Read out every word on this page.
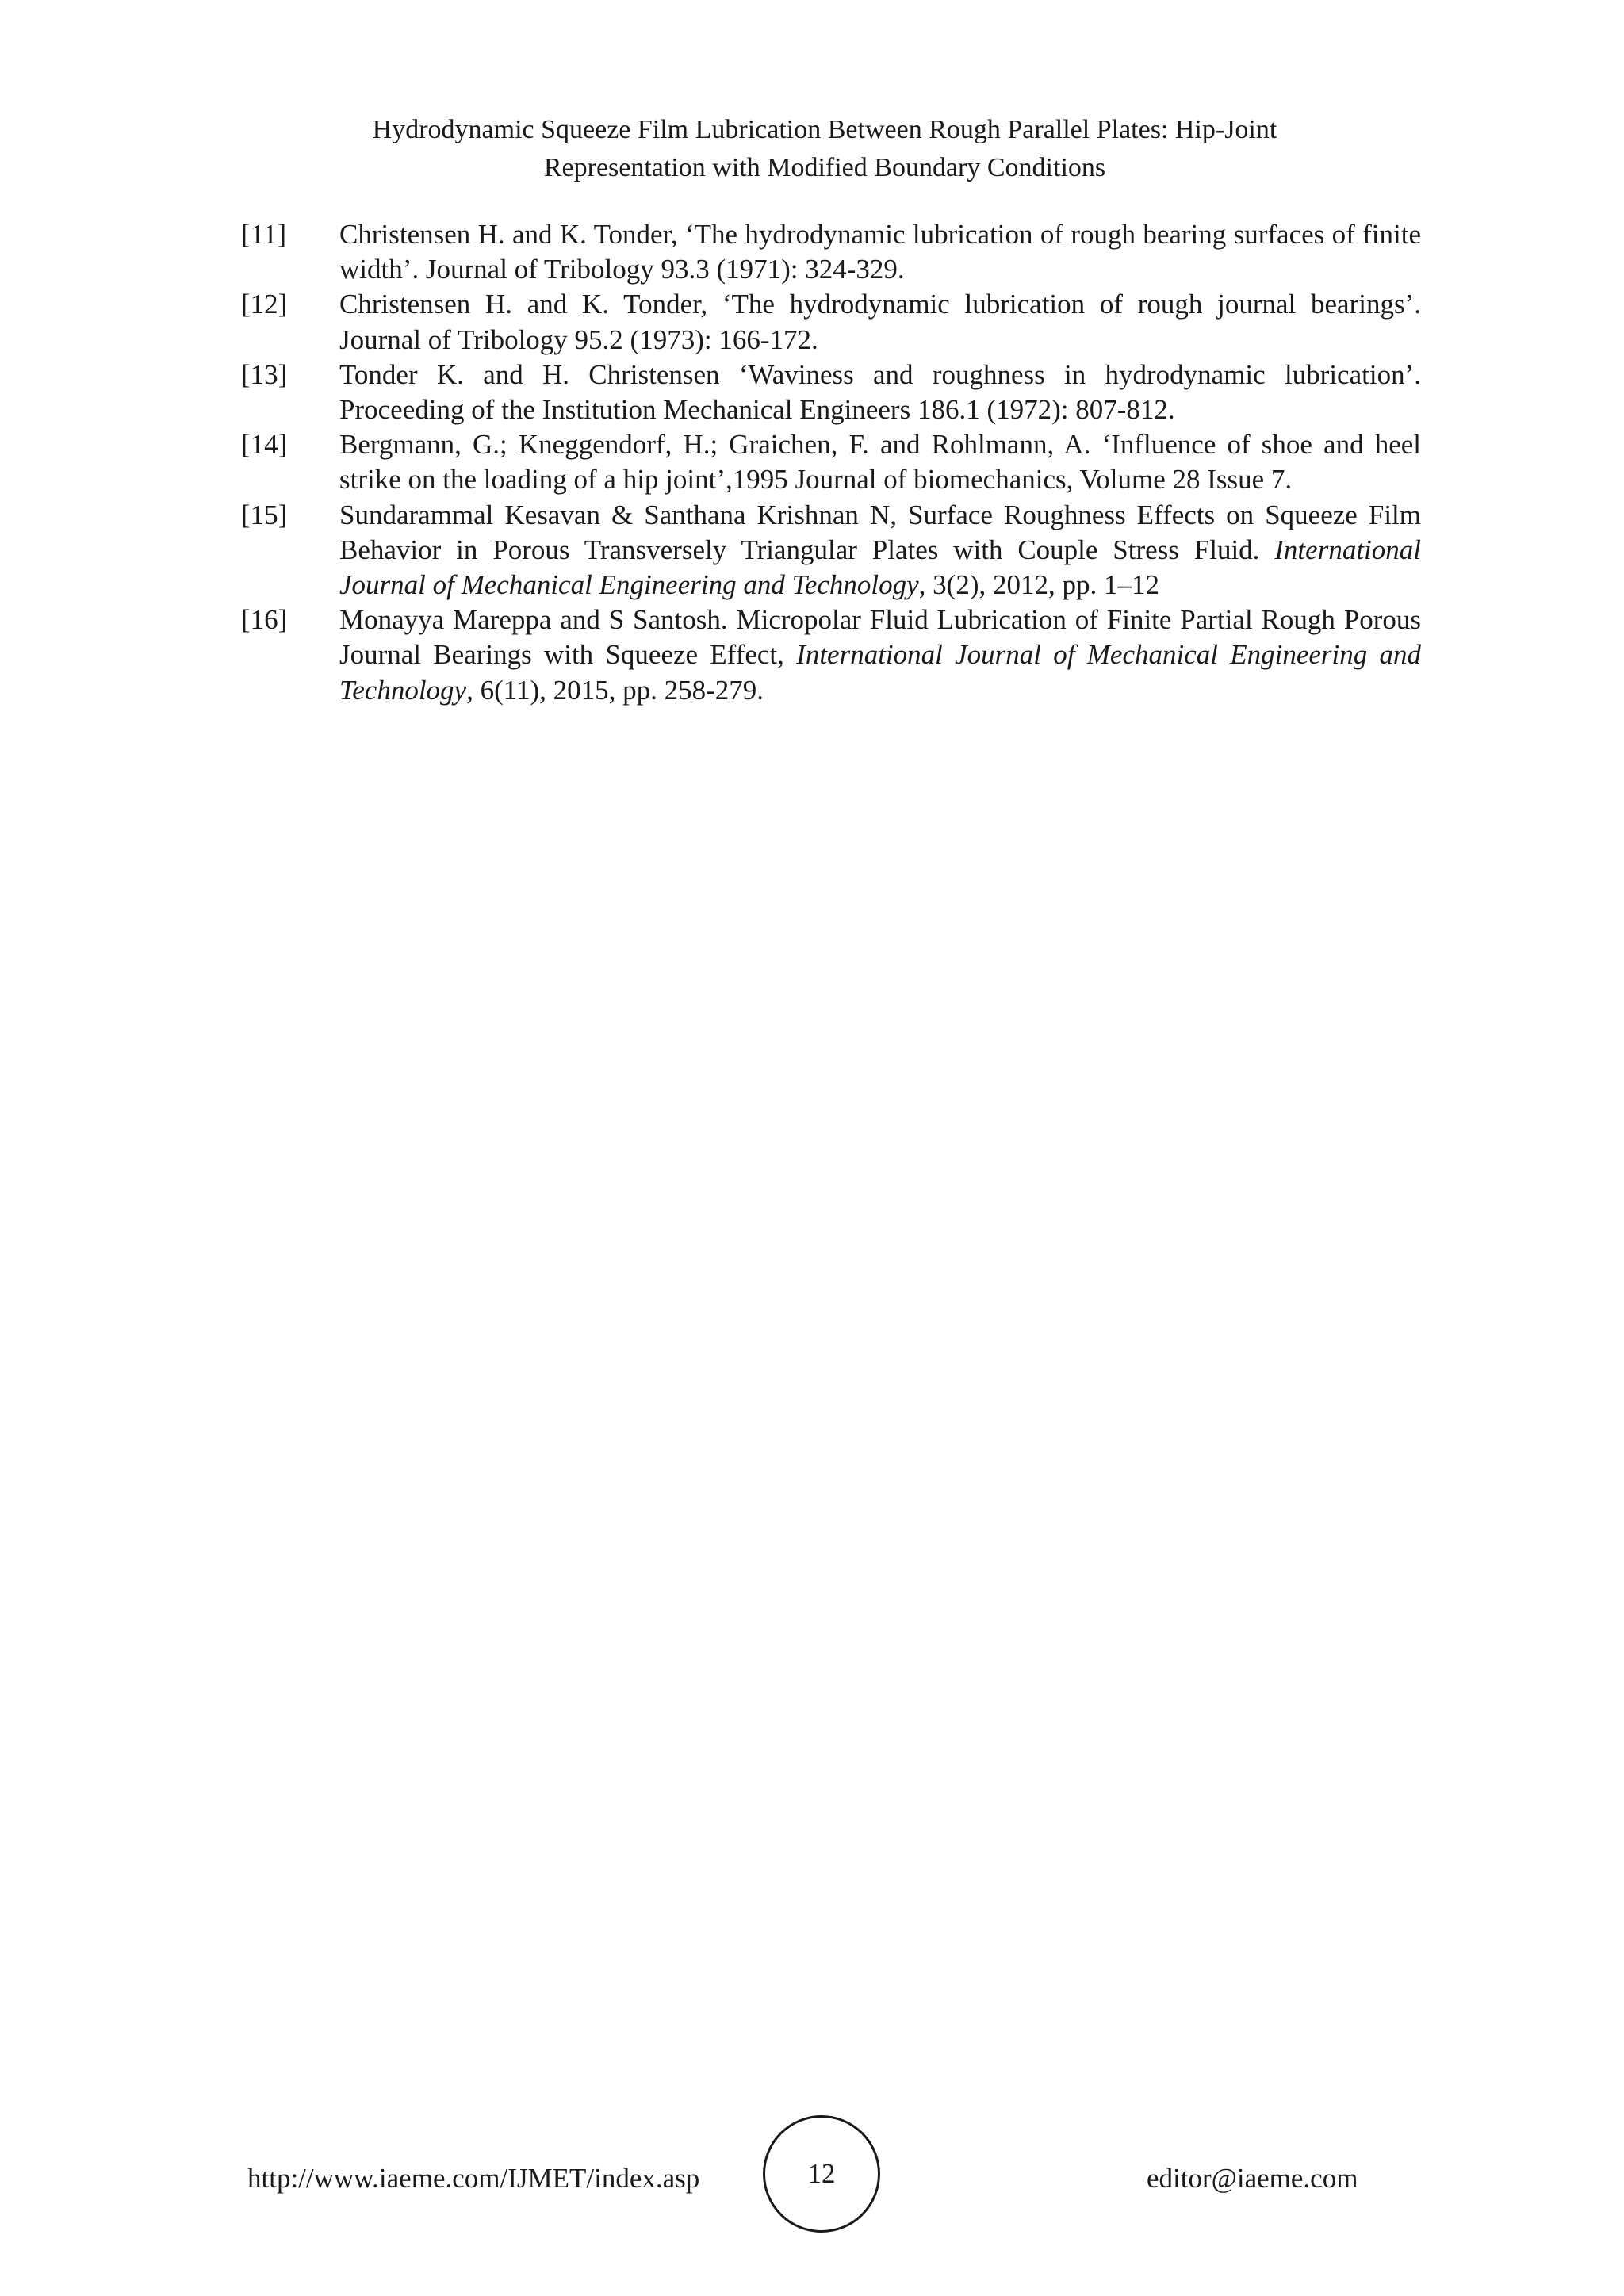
Hydrodynamic Squeeze Film Lubrication Between Rough Parallel Plates: Hip-Joint
Representation with Modified Boundary Conditions
[11]	Christensen H. and K. Tonder, ‘The hydrodynamic lubrication of rough bearing surfaces of finite width’. Journal of Tribology 93.3 (1971): 324-329.
[12]	Christensen H. and K. Tonder, ‘The hydrodynamic lubrication of rough journal bearings’. Journal of Tribology 95.2 (1973): 166-172.
[13]	Tonder K. and H. Christensen ‘Waviness and roughness in hydrodynamic lubrication’. Proceeding of the Institution Mechanical Engineers 186.1 (1972): 807-812.
[14]	Bergmann, G.; Kneggendorf, H.; Graichen, F. and Rohlmann, A. ‘Influence of shoe and heel strike on the loading of a hip joint’,1995 Journal of biomechanics, Volume 28 Issue 7.
[15]	Sundarammal Kesavan & Santhana Krishnan N, Surface Roughness Effects on Squeeze Film Behavior in Porous Transversely Triangular Plates with Couple Stress Fluid. International Journal of Mechanical Engineering and Technology, 3(2), 2012, pp. 1–12
[16]	Monayya Mareppa and S Santosh. Micropolar Fluid Lubrication of Finite Partial Rough Porous Journal Bearings with Squeeze Effect, International Journal of Mechanical Engineering and Technology, 6(11), 2015, pp. 258-279.
http://www.iaeme.com/IJMET/index.asp	12	editor@iaeme.com
